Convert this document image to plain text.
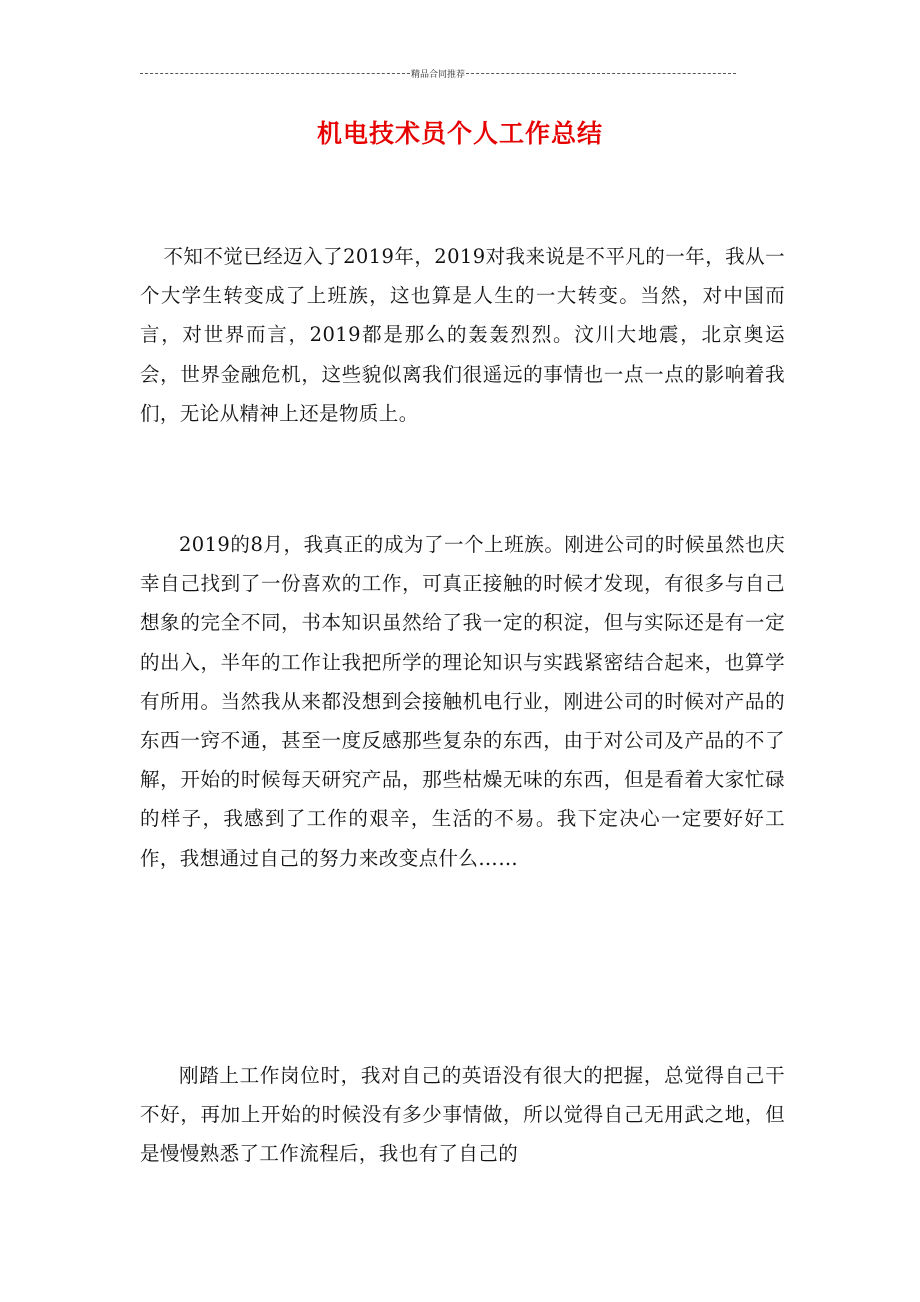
精品合同推荐
机电技术员个人工作总结

不知不觉已经迈入了2019年，2019对我来说是不平凡的一年，我从一个大学生转变成了上班族，这也算是人生的一大转变。当然，对中国而言，对世界而言，2019都是那么的轰轰烈烈。汶川大地震，北京奥运会，世界金融危机，这些貌似离我们很遥远的事情也一点一点的影响着我们，无论从精神上还是物质上。

2019的8月，我真正的成为了一个上班族。刚进公司的时候虽然也庆幸自己找到了一份喜欢的工作，可真正接触的时候才发现，有很多与自己想象的完全不同，书本知识虽然给了我一定的积淀，但与实际还是有一定的出入，半年的工作让我把所学的理论知识与实践紧密结合起来，也算学有所用。当然我从来都没想到会接触机电行业，刚进公司的时候对产品的东西一窍不通，甚至一度反感那些复杂的东西，由于对公司及产品的不了解，开始的时候每天研究产品，那些枯燥无味的东西，但是看着大家忙碌的样子，我感到了工作的艰辛，生活的不易。我下定决心一定要好好工作，我想通过自己的努力来改变点什么……

刚踏上工作岗位时，我对自己的英语没有很大的把握，总觉得自己干不好，再加上开始的时候没有多少事情做，所以觉得自己无用武之地，但是慢慢熟悉了工作流程后，我也有了自己的
